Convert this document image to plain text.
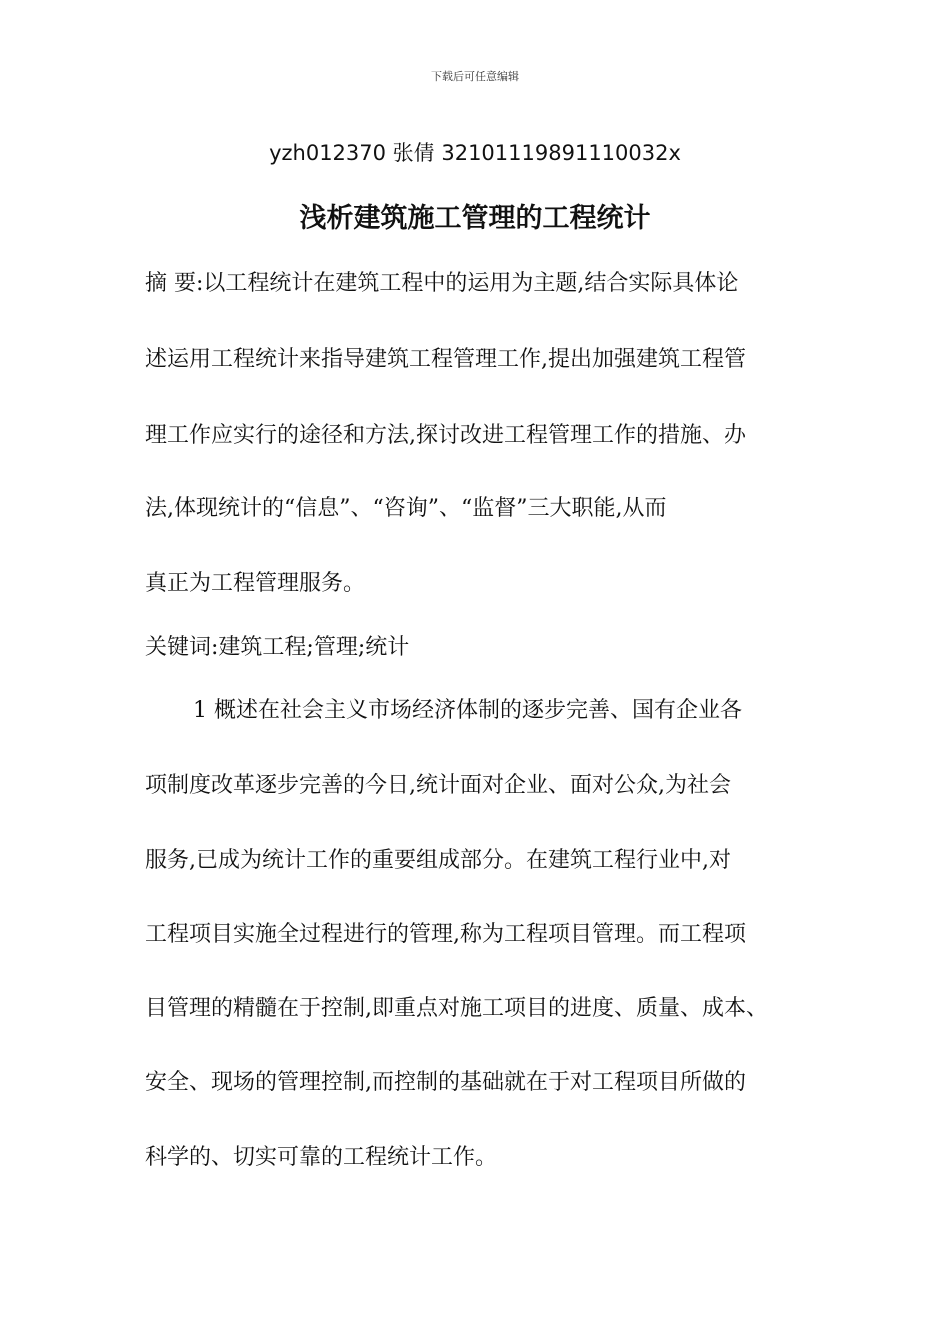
下载后可任意编辑
yzh012370 张倩 32101119891110032x
浅析建筑施工管理的工程统计
摘 要:以工程统计在建筑工程中的运用为主题,结合实际具体论
述运用工程统计来指导建筑工程管理工作,提出加强建筑工程管
理工作应实行的途径和方法,探讨改进工程管理工作的措施、办
法,体现统计的“信息”、“咨询”、“监督”三大职能,从而
真正为工程管理服务。
关键词:建筑工程;管理;统计
1 概述在社会主义市场经济体制的逐步完善、国有企业各
项制度改革逐步完善的今日,统计面对企业、面对公众,为社会
服务,已成为统计工作的重要组成部分。在建筑工程行业中,对
工程项目实施全过程进行的管理,称为工程项目管理。而工程项
目管理的精髓在于控制,即重点对施工项目的进度、质量、成本、
安全、现场的管理控制,而控制的基础就在于对工程项目所做的
科学的、切实可靠的工程统计工作。
